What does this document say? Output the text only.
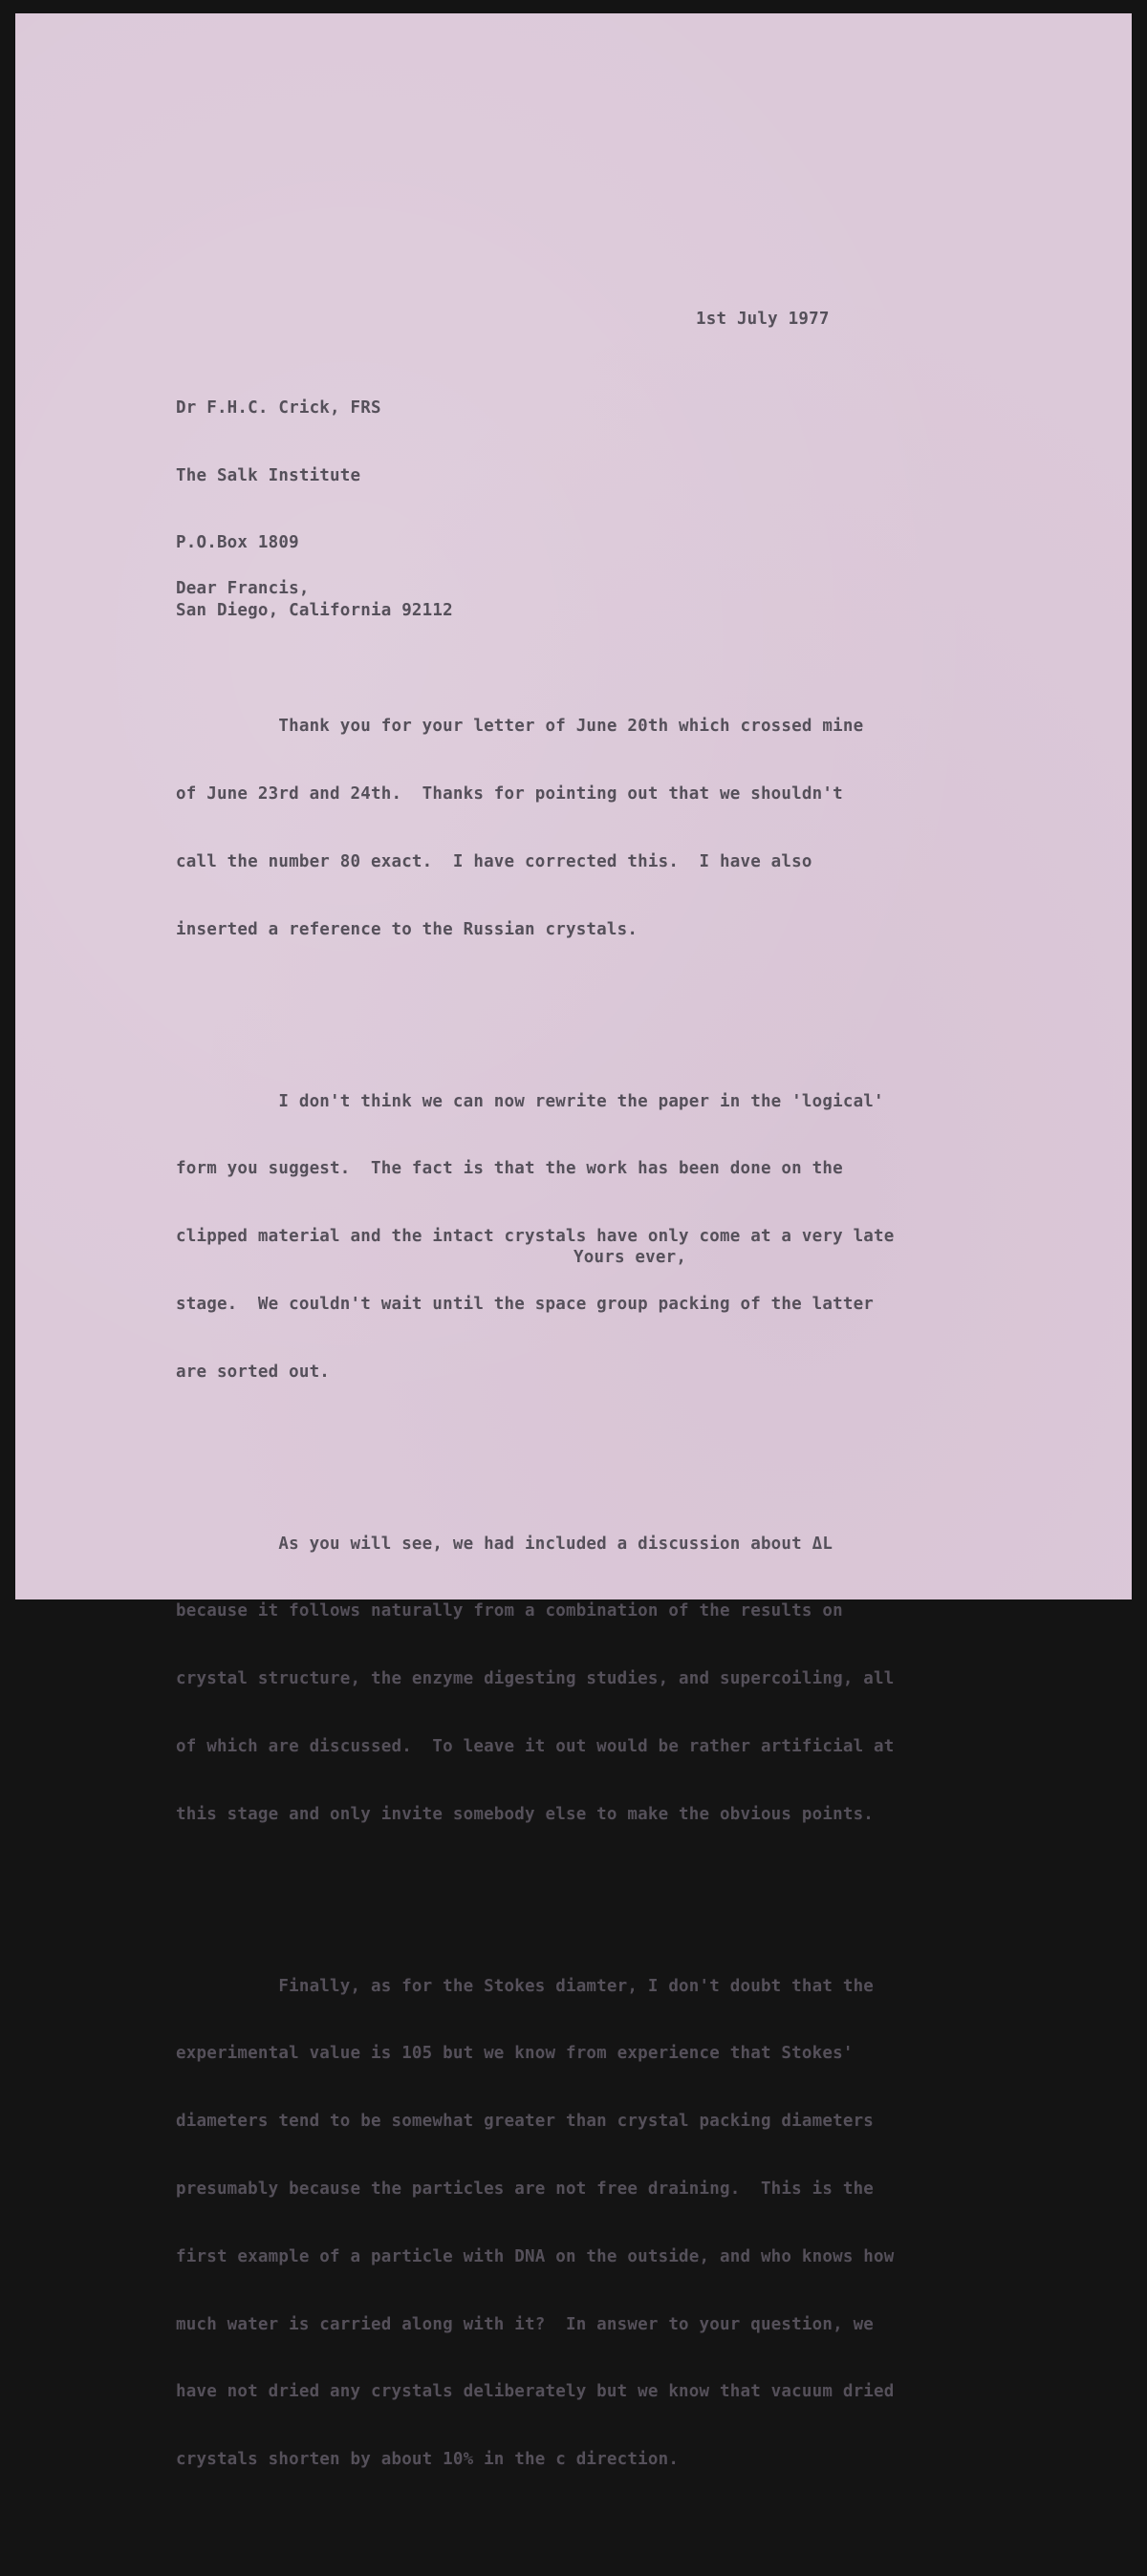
1st July 1977

Dr F.H.C. Crick, FRS

The Salk Institute

P.O.Box 1809

San Diego, California 92112

Dear Francis,

Thank you for your letter of June 20th which crossed mine

of June 23rd and 24th.  Thanks for pointing out that we shouldn't

call the number 80 exact.  I have corrected this.  I have also

inserted a reference to the Russian crystals.

I don't think we can now rewrite the paper in the 'logical'

form you suggest.  The fact is that the work has been done on the

clipped material and the intact crystals have only come at a very late

stage.  We couldn't wait until the space group packing of the latter

are sorted out.

As you will see, we had included a discussion about ΔL

because it follows naturally from a combination of the results on

crystal structure, the enzyme digesting studies, and supercoiling, all

of which are discussed.  To leave it out would be rather artificial at

this stage and only invite somebody else to make the obvious points.

Finally, as for the Stokes diamter, I don't doubt that the

experimental value is 105 but we know from experience that Stokes'

diameters tend to be somewhat greater than crystal packing diameters

presumably because the particles are not free draining.  This is the

first example of a particle with DNA on the outside, and who knows how

much water is carried along with it?  In answer to your question, we

have not dried any crystals deliberately but we know that vacuum dried

crystals shorten by about 10% in the c direction.

Yours ever,
